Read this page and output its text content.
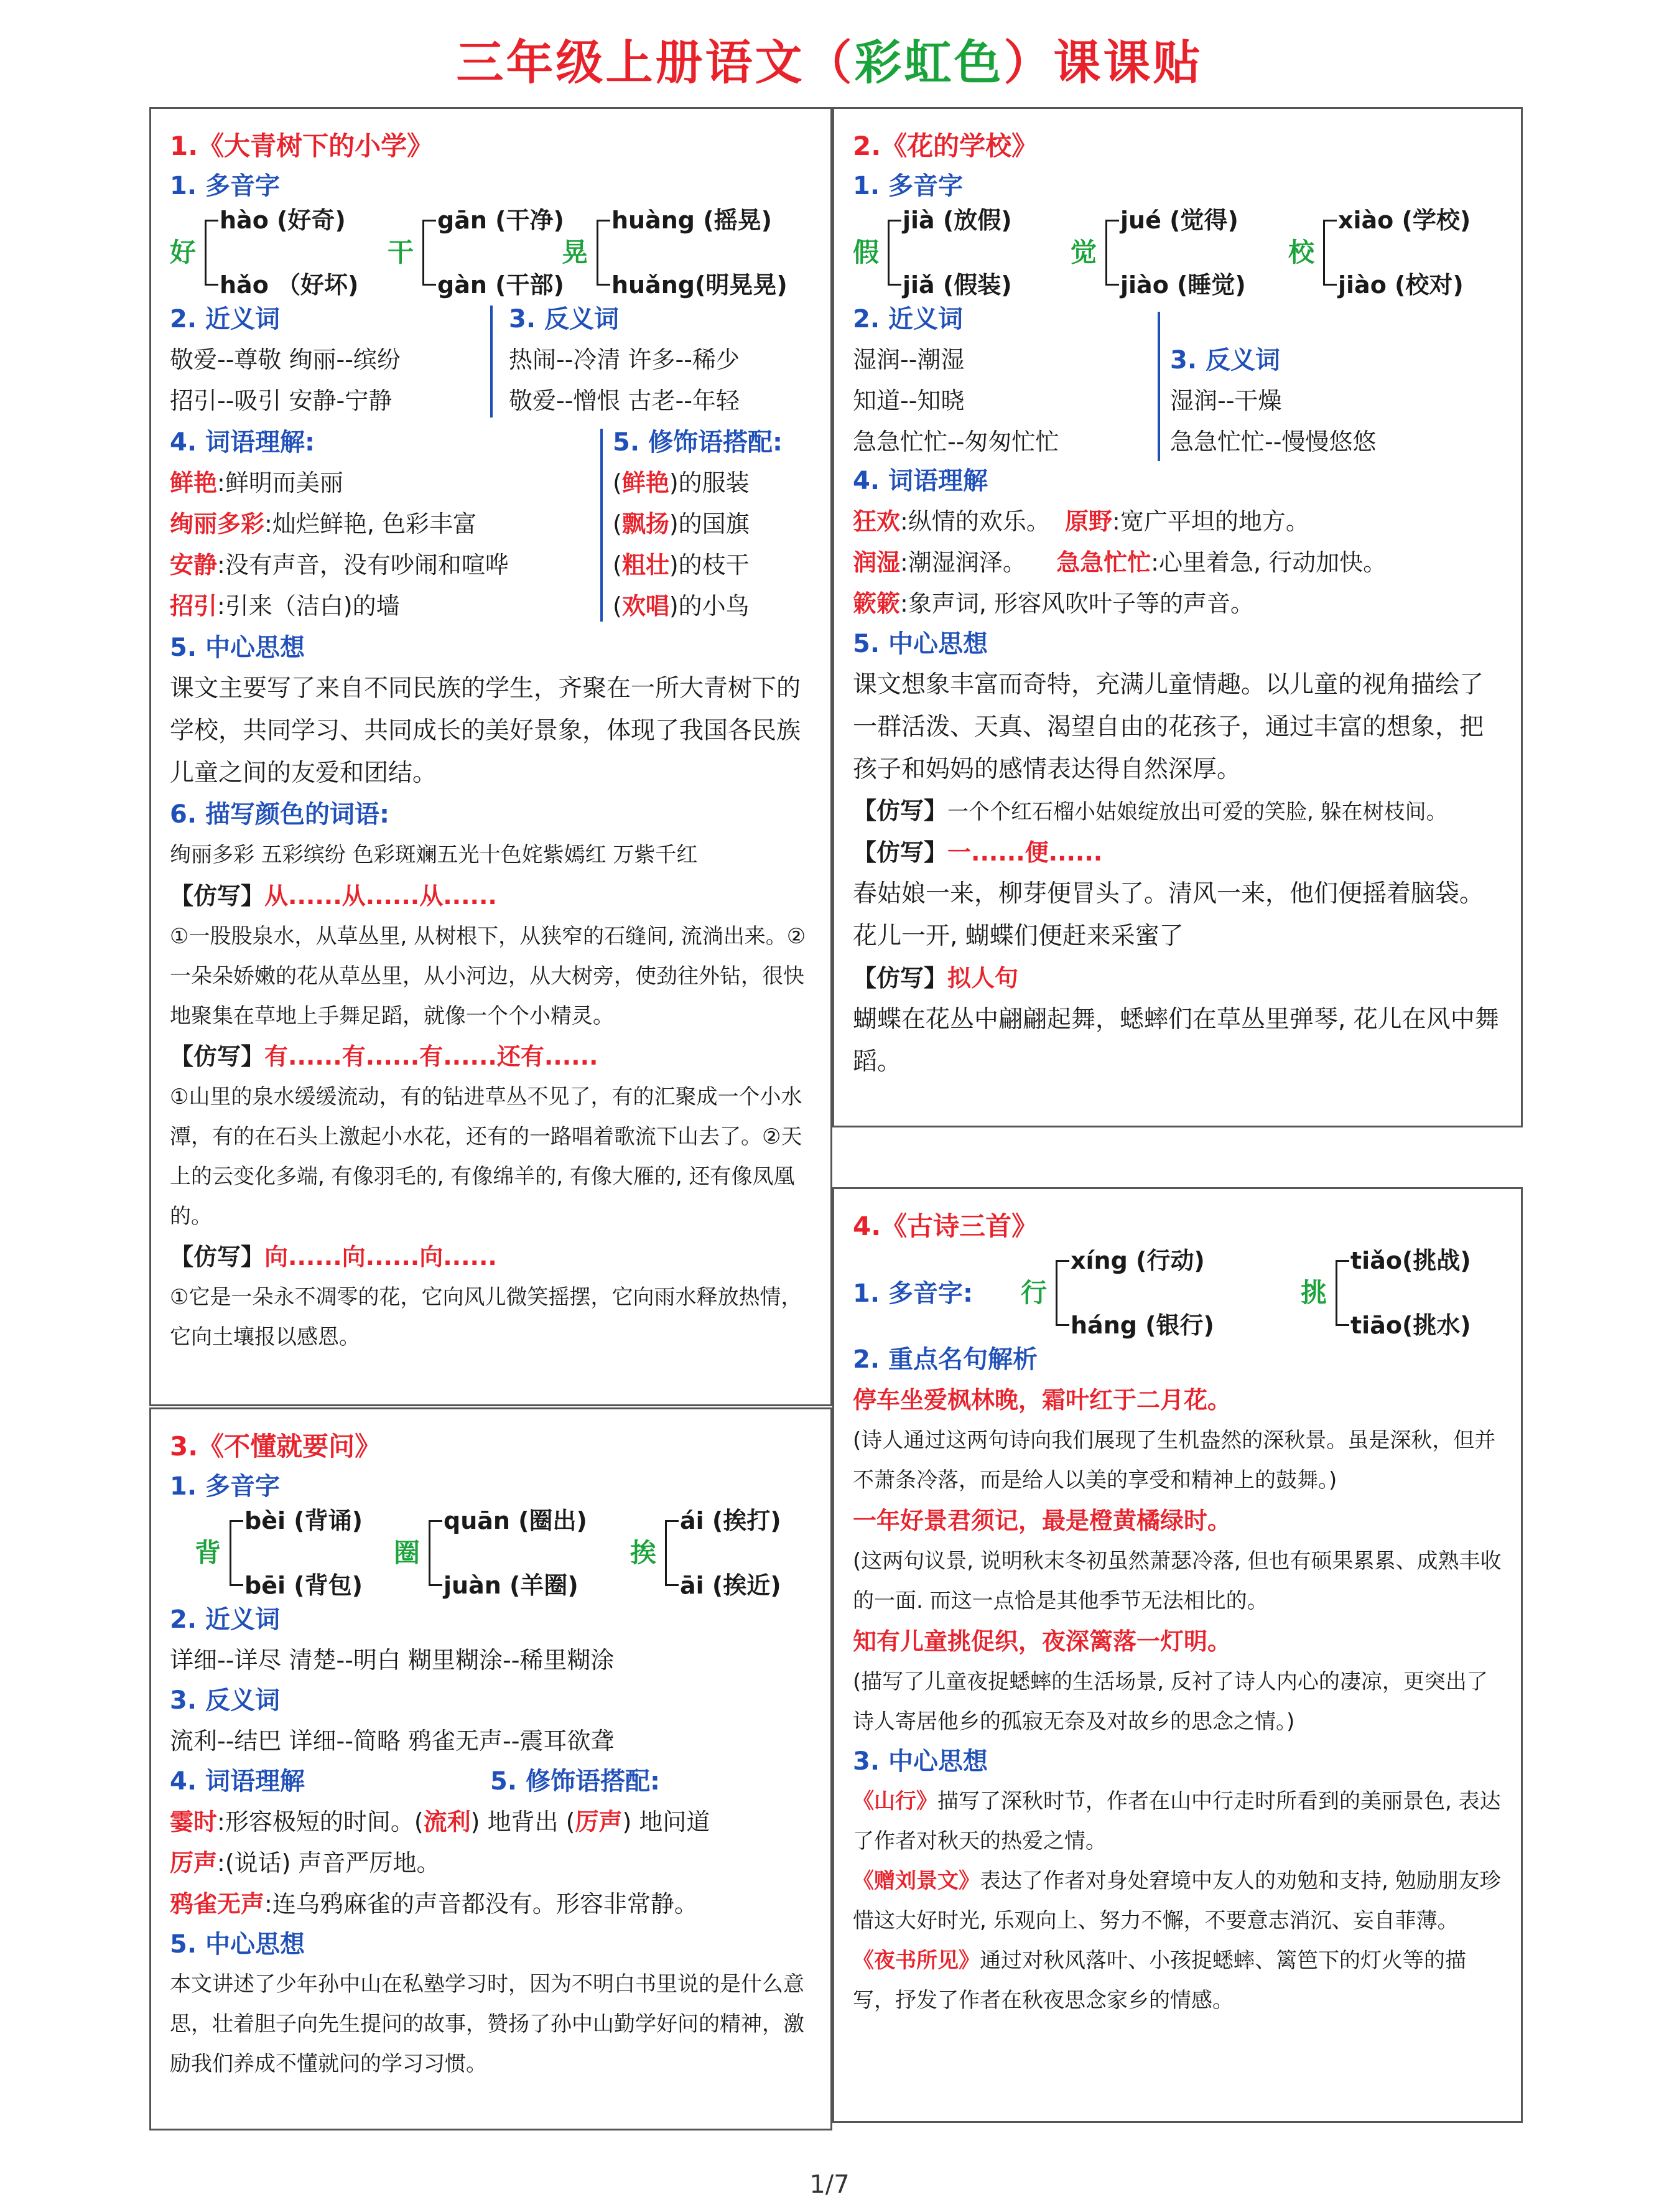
三年级上册语文（彩虹色）课课贴
1.《大青树下的小学》
1. 多音字
好
hào (好奇)
hǎo （好坏)
干
gān (干净)
gàn (干部)
晃
huàng (摇晃)
huǎng(明晃晃)
2. 近义词
敬爱--尊敬 绚丽--缤纷
招引--吸引 安静-宁静
3. 反义词
热闹--冷清 许多--稀少
敬爱--憎恨 古老--年轻
4. 词语理解:
鲜艳:鲜明而美丽
绚丽多彩:灿烂鲜艳, 色彩丰富
安静:没有声音，没有吵闹和喧哗
招引:引来（洁白)的墙
5. 修饰语搭配:
(鲜艳)的服装
(飘扬)的国旗
(粗壮)的枝干
(欢唱)的小鸟
5. 中心思想
课文主要写了来自不同民族的学生，齐聚在一所大青树下的学校，共同学习、共同成长的美好景象，体现了我国各民族儿童之间的友爱和团结。
6. 描写颜色的词语:
绚丽多彩 五彩缤纷 色彩斑斓五光十色姹紫嫣红 万紫千红
【仿写】从......从......从......
①一股股泉水，从草丛里, 从树根下，从狭窄的石缝间, 流淌出来。②一朵朵娇嫩的花从草丛里，从小河边，从大树旁，使劲往外钻，很快地聚集在草地上手舞足蹈，就像一个个小精灵。
【仿写】有......有......有......还有......
①山里的泉水缓缓流动，有的钻进草丛不见了，有的汇聚成一个小水潭，有的在石头上激起小水花，还有的一路唱着歌流下山去了。②天上的云变化多端, 有像羽毛的, 有像绵羊的, 有像大雁的, 还有像凤凰的。
【仿写】向......向......向......
①它是一朵永不凋零的花，它向风儿微笑摇摆，它向雨水释放热情，它向土壤报以感恩。
2.《花的学校》
1. 多音字
假
jià (放假)
jiǎ (假装)
觉
jué (觉得)
jiào (睡觉)
校
xiào (学校)
jiào (校对)
2. 近义词
湿润--潮湿
知道--知晓
急急忙忙--匆匆忙忙
3. 反义词
湿润--干燥
急急忙忙--慢慢悠悠
4. 词语理解
狂欢:纵情的欢乐。 原野:宽广平坦的地方。
润湿:潮湿润泽。 急急忙忙:心里着急, 行动加快。
簌簌:象声词, 形容风吹叶子等的声音。
5. 中心思想
课文想象丰富而奇特，充满儿童情趣。以儿童的视角描绘了一群活泼、天真、渴望自由的花孩子，通过丰富的想象，把孩子和妈妈的感情表达得自然深厚。
【仿写】一个个红石榴小姑娘绽放出可爱的笑脸, 躲在树枝间。
【仿写】一......便......
春姑娘一来，柳芽便冒头了。清风一来，他们便摇着脑袋。花儿一开, 蝴蝶们便赶来采蜜了
【仿写】拟人句
蝴蝶在花丛中翩翩起舞，蟋蟀们在草丛里弹琴, 花儿在风中舞蹈。
3.《不懂就要问》
1. 多音字
背
bèi (背诵)
bēi (背包)
圈
quān (圈出)
juàn (羊圈)
挨
ái (挨打)
āi (挨近)
2. 近义词
详细--详尽 清楚--明白 糊里糊涂--稀里糊涂
3. 反义词
流利--结巴 详细--简略 鸦雀无声--震耳欲聋
4. 词语理解	5. 修饰语搭配:
霎时:形容极短的时间。(流利) 地背出 (厉声) 地问道
厉声:(说话) 声音严厉地。
鸦雀无声:连乌鸦麻雀的声音都没有。形容非常静。
5. 中心思想
本文讲述了少年孙中山在私塾学习时，因为不明白书里说的是什么意思，壮着胆子向先生提问的故事，赞扬了孙中山勤学好问的精神，激励我们养成不懂就问的学习习惯。
4.《古诗三首》
1. 多音字: 行
xíng (行动)
háng (银行)
挑
tiǎo(挑战)
tiāo(挑水)
2. 重点名句解析
停车坐爱枫林晚，霜叶红于二月花。
(诗人通过这两句诗向我们展现了生机盎然的深秋景。虽是深秋，但并不萧条冷落，而是给人以美的享受和精神上的鼓舞。)
一年好景君须记，最是橙黄橘绿时。
(这两句议景, 说明秋末冬初虽然萧瑟冷落, 但也有硕果累累、成熟丰收的一面. 而这一点恰是其他季节无法相比的。
知有儿童挑促织，夜深篱落一灯明。
(描写了儿童夜捉蟋蟀的生活场景, 反衬了诗人内心的凄凉，更突出了诗人寄居他乡的孤寂无奈及对故乡的思念之情。)
3. 中心思想
《山行》描写了深秋时节，作者在山中行走时所看到的美丽景色, 表达了作者对秋天的热爱之情。
《赠刘景文》表达了作者对身处窘境中友人的劝勉和支持, 勉励朋友珍惜这大好时光, 乐观向上、努力不懈，不要意志消沉、妄自菲薄。
《夜书所见》通过对秋风落叶、小孩捉蟋蟀、篱笆下的灯火等的描写，抒发了作者在秋夜思念家乡的情感。
1/7
